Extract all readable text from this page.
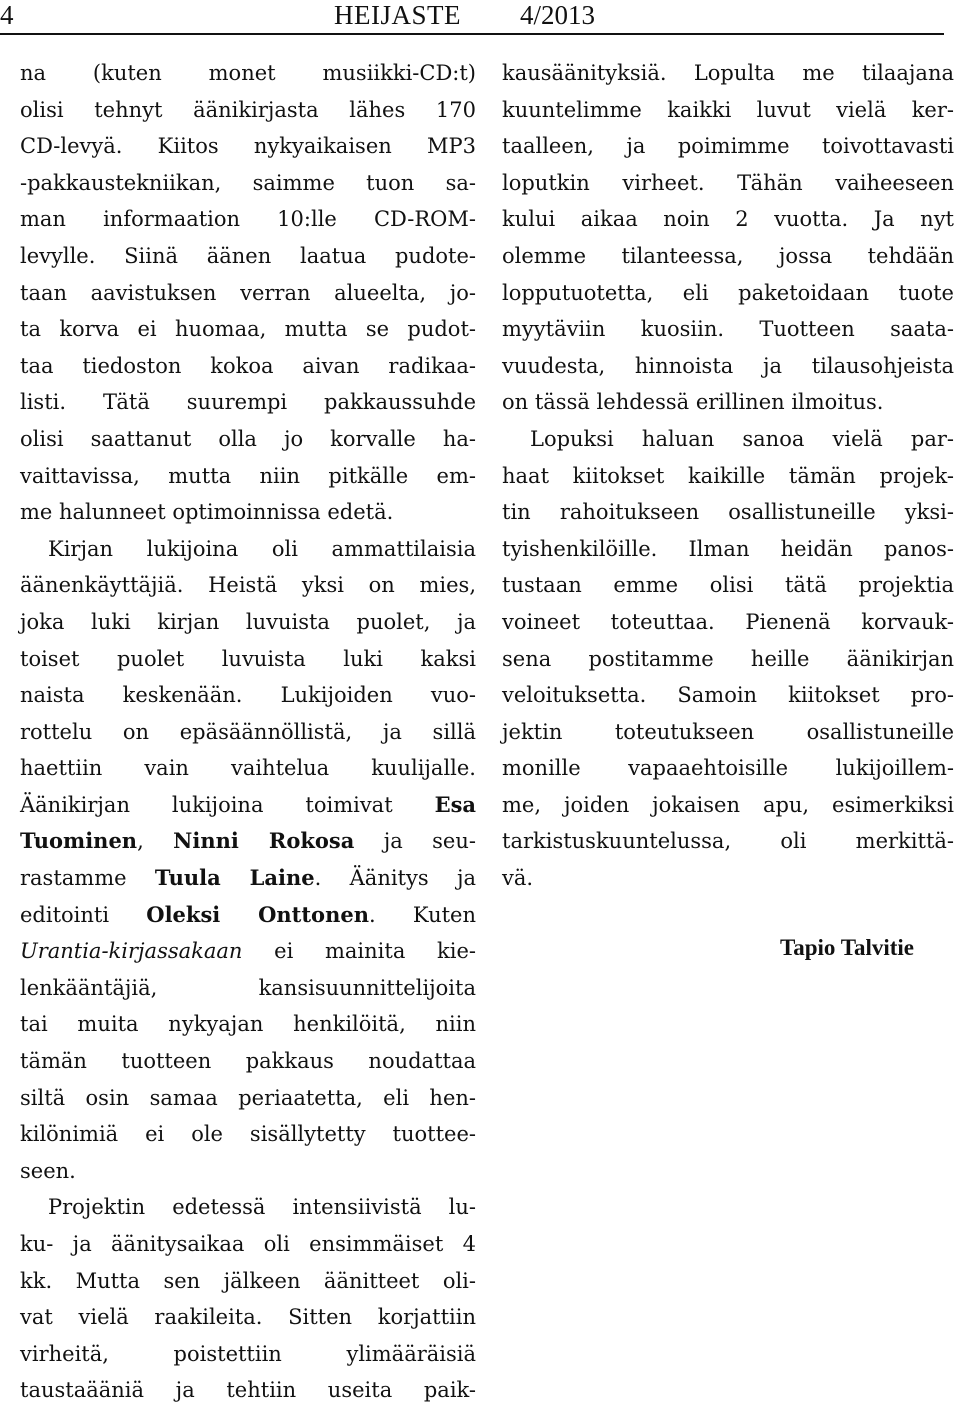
4	HEIJASTE 4/2013
na (kuten monet musiikki-CD:t)
olisi tehnyt äänikirjasta lähes 170
CD-levyä. Kiitos nykyaikaisen MP3
-pakkaustekniikan, saimme tuon sa-
man informaation 10:lle CD-ROM-
levylle. Siinä äänen laatua pudote-
taan aavistuksen verran alueelta, jo-
ta korva ei huomaa, mutta se pudot-
taa tiedoston kokoa aivan radikaa-
listi. Tätä suurempi pakkaussuhde
olisi saattanut olla jo korvalle ha-
vaittavissa, mutta niin pitkälle em-
me halunneet optimoinnissa edetä.
Kirjan lukijoina oli ammattilaisia
äänenkäyttäjiä. Heistä yksi on mies,
joka luki kirjan luvuista puolet, ja
toiset puolet luvuista luki kaksi
naista keskenään. Lukijoiden vuo-
rottelu on epäsäännöllistä, ja sillä
haettiin vain vaihtelua kuulijalle.
Äänikirjan lukijoina toimivat Esa
Tuominen, Ninni Rokosa ja seu-
rastamme Tuula Laine. Äänitys ja
editointi Oleksi Onttonen. Kuten
Urantia-kirjassakaan ei mainita kie-
lenkääntäjiä, kansisuunnittelijoita
tai muita nykyajan henkilöitä, niin
tämän tuotteen pakkaus noudattaa
siltä osin samaa periaatetta, eli hen-
kilönimiä ei ole sisällytetty tuottee-
seen.
Projektin edetessä intensiivistä lu-
ku- ja äänitysaikaa oli ensimmäiset 4
kk. Mutta sen jälkeen äänitteet oli-
vat vielä raakileita. Sitten korjattiin
virheitä, poistettiin ylimääräisiä
taustaääniä ja tehtiin useita paik-
kausäänityksiä. Lopulta me tilaajana
kuuntelimme kaikki luvut vielä ker-
taalleen, ja poimimme toivottavasti
loputkin virheet. Tähän vaiheeseen
kului aikaa noin 2 vuotta. Ja nyt
olemme tilanteessa, jossa tehdään
lopputuotetta, eli paketoidaan tuote
myytäviin kuosiin. Tuotteen saata-
vuudesta, hinnoista ja tilausohjeista
on tässä lehdessä erillinen ilmoitus.
Lopuksi haluan sanoa vielä par-
haat kiitokset kaikille tämän projek-
tin rahoitukseen osallistuneille yksi-
tyishenkilöille. Ilman heidän panos-
tustaan emme olisi tätä projektia
voineet toteuttaa. Pienenä korvauk-
sena postitamme heille äänikirjan
veloituksetta. Samoin kiitokset pro-
jektin toteutukseen osallistuneille
monille vapaaehtoisille lukijoillem-
me, joiden jokaisen apu, esimerkiksi
tarkistuskuuntelussa, oli merkittä-
vä.
Tapio Talvitie
